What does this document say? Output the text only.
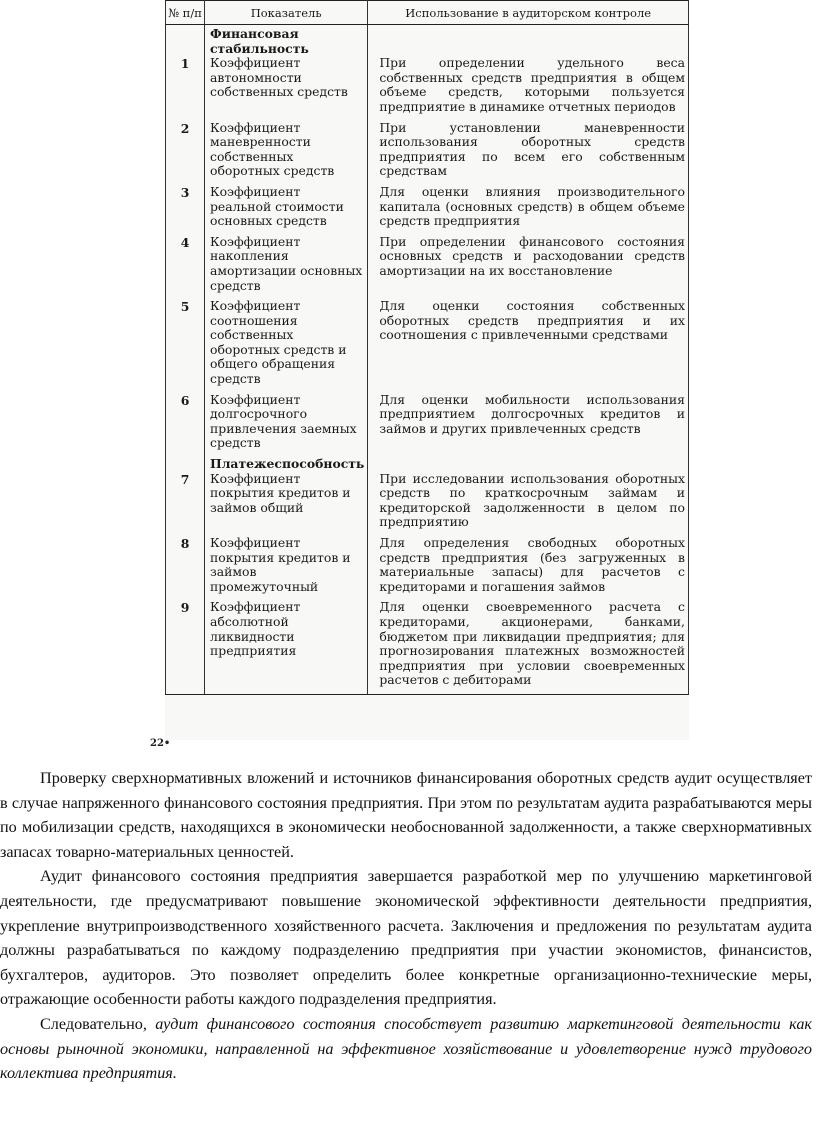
№ п/п	Показатель	Использование в аудиторском контроле
	Финансовая стабильность	
1	Коэффициент автономности собственных средств	При определении удельного веса собственных средств предприятия в общем объеме средств, которыми пользуется предприятие в динамике отчетных периодов
2	Коэффициент маневренности собственных оборотных средств	При установлении маневренности использования оборотных средств предприятия по всем его собственным средствам
3	Коэффициент реальной стоимости основных средств	Для оценки влияния производительного капитала (основных средств) в общем объеме средств предприятия
4	Коэффициент накопления амортизации основных средств	При определении финансового состояния основных средств и расходовании средств амортизации на их восстановление
5	Коэффициент соотношения собственных оборотных средств и общего обращения средств	Для оценки состояния собственных оборотных средств предприятия и их соотношения с привлеченными средствами
6	Коэффициент долгосрочного привлечения заемных средств	Для оценки мобильности использования предприятием долгосрочных кредитов и займов и других привлеченных средств
	Платежеспособность	
7	Коэффициент покрытия кредитов и займов общий	При исследовании использования оборотных средств по краткосрочным займам и кредиторской задолженности в целом по предприятию
8	Коэффициент покрытия кредитов и займов промежуточный	Для определения свободных оборотных средств предприятия (без загруженных в материальные запасы) для расчетов с кредиторами и погашения займов
9	Коэффициент абсолютной ликвидности предприятия	Для оценки своевременного расчета с кредиторами, акционерами, банками, бюджетом при ликвидации предприятия; для прогнозирования платежных возможностей предприятия при условии своевременных расчетов с дебиторами
22•

Проверку сверхнормативных вложений и источников финансирования оборотных средств аудит осуществляет в случае напряженного финансового состояния предприятия. При этом по результатам аудита разрабатываются меры по мобилизации средств, находящихся в экономически необоснованной задолженности, а также сверхнормативных запасах товарно-материальных ценностей.

Аудит финансового состояния предприятия завершается разработкой мер по улучшению маркетинговой деятельности, где предусматривают повышение экономической эффективности деятельности предприятия, укрепление внутрипроизводственного хозяйственного расчета. Заключения и предложения по результатам аудита должны разрабатываться по каждому подразделению предприятия при участии экономистов, финансистов, бухгалтеров, аудиторов. Это позволяет определить более конкретные организационно-технические меры, отражающие особенности работы каждого подразделения предприятия.

Следовательно, аудит финансового состояния способствует развитию маркетинговой деятельности как основы рыночной экономики, направленной на эффективное хозяйствование и удовлетворение нужд трудового коллектива предприятия.
